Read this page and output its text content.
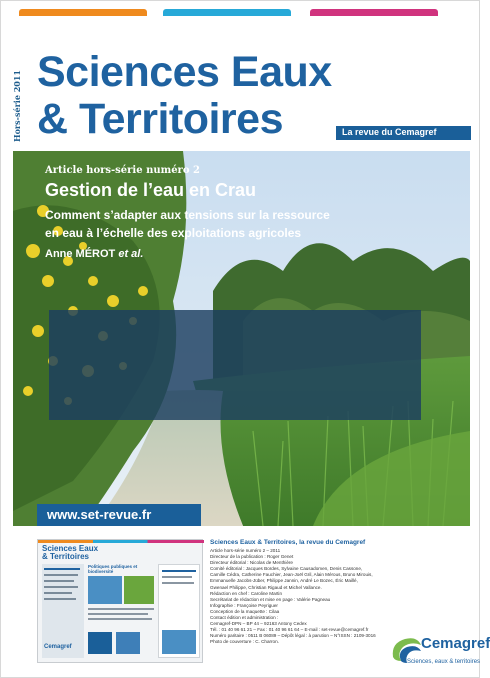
Hors-série 2011 Sciences Eaux
& Territoires	La revue du Cemagref
Article hors-série numéro 2
Gestion de l’eau en Crau
Comment s’adapter aux tensions sur la ressource
en eau à l’échelle des exploitations agricoles
Anne MÉROT et al.
www.set-revue.fr
Sciences Eaux
& Territoires
Politiques publiques et biodiversité
Cemagref
Sciences Eaux & Territoires, la revue du Cemagref
Article hors-série numéro 2 – 2011
Directeur de la publication : Roger Genet
Directeur éditorial : Nicolas de Menthière
Comité éditorial : Jacques Bordes, Sylvaine Causadomen, Denis Cassone,
Camille Cédra, Catherine Fauchier, Jean-Joël Gril, Alain Mérous, Bruno Mirouis,
Emmanuelle Jacobs-Jüber, Philippe Jannin, André Le Bozec, Éric Maillé,
Gwenael Philippe, Christian Rigaud et Michel Vallance.
Rédaction en chef : Caroline Martin
Secrétariat de rédaction et mise en page : Valérie Pagneau
Infographie : Françoise Peyriguer
Conception de la maquette : Cilaa
Contact édition et administration :
Cemagref-DPN – BP 44 – 92163 Antony Cedex
Tél. : 01 40 96 61 21 – Fax : 01 40 96 61 64 – E-mail : set-revue@cemagref.fr
Numéro paritaire : 0511 B 06089 – Dépôt légal : à parution – N°ISSN : 2109-3016
Photo de couverture : C. Charron.	Cemagref
Sciences, eaux & territoires
